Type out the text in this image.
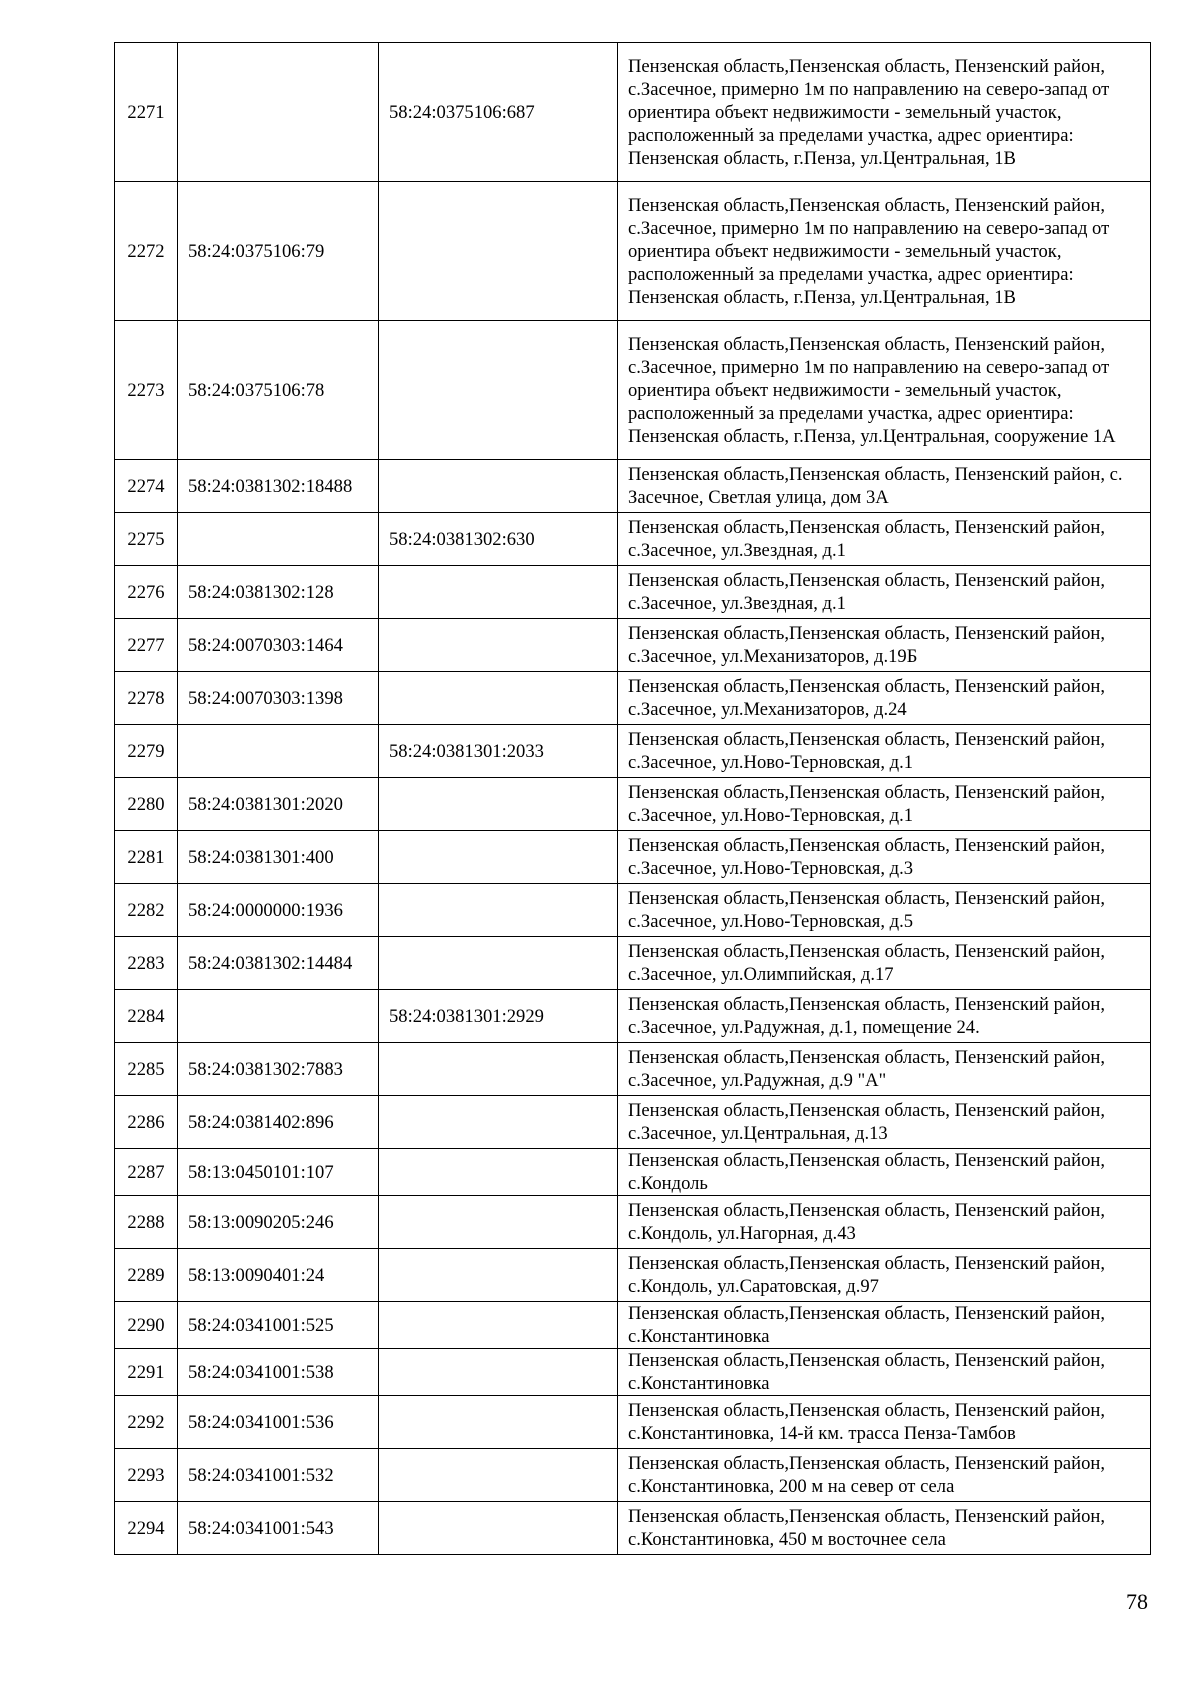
2271		58:24:0375106:687	Пензенская область,Пензенская область, Пензенский район, с.Засечное, примерно 1м по направлению на северо-запад от ориентира объект недвижимости - земельный участок, расположенный за пределами участка, адрес ориентира: Пензенская область, г.Пенза, ул.Центральная, 1В
2272	58:24:0375106:79		Пензенская область,Пензенская область, Пензенский район, с.Засечное, примерно 1м по направлению на северо-запад от ориентира объект недвижимости - земельный участок, расположенный за пределами участка, адрес ориентира: Пензенская область, г.Пенза, ул.Центральная, 1В
2273	58:24:0375106:78		Пензенская область,Пензенская область, Пензенский район, с.Засечное, примерно 1м по направлению на северо-запад от ориентира объект недвижимости - земельный участок, расположенный за пределами участка, адрес ориентира: Пензенская область, г.Пенза, ул.Центральная, сооружение 1А
2274	58:24:0381302:18488		Пензенская область,Пензенская область, Пензенский район, с. Засечное, Светлая улица, дом 3А
2275		58:24:0381302:630	Пензенская область,Пензенская область, Пензенский район, с.Засечное, ул.Звездная, д.1
2276	58:24:0381302:128		Пензенская область,Пензенская область, Пензенский район, с.Засечное, ул.Звездная, д.1
2277	58:24:0070303:1464		Пензенская область,Пензенская область, Пензенский район, с.Засечное, ул.Механизаторов, д.19Б
2278	58:24:0070303:1398		Пензенская область,Пензенская область, Пензенский район, с.Засечное, ул.Механизаторов, д.24
2279		58:24:0381301:2033	Пензенская область,Пензенская область, Пензенский район, с.Засечное, ул.Ново-Терновская, д.1
2280	58:24:0381301:2020		Пензенская область,Пензенская область, Пензенский район, с.Засечное, ул.Ново-Терновская, д.1
2281	58:24:0381301:400		Пензенская область,Пензенская область, Пензенский район, с.Засечное, ул.Ново-Терновская, д.3
2282	58:24:0000000:1936		Пензенская область,Пензенская область, Пензенский район, с.Засечное, ул.Ново-Терновская, д.5
2283	58:24:0381302:14484		Пензенская область,Пензенская область, Пензенский район, с.Засечное, ул.Олимпийская, д.17
2284		58:24:0381301:2929	Пензенская область,Пензенская область, Пензенский район, с.Засечное, ул.Радужная, д.1, помещение 24.
2285	58:24:0381302:7883		Пензенская область,Пензенская область, Пензенский район, с.Засечное, ул.Радужная, д.9 "А"
2286	58:24:0381402:896		Пензенская область,Пензенская область, Пензенский район, с.Засечное, ул.Центральная, д.13
2287	58:13:0450101:107		Пензенская область,Пензенская область, Пензенский район, с.Кондоль
2288	58:13:0090205:246		Пензенская область,Пензенская область, Пензенский район, с.Кондоль, ул.Нагорная, д.43
2289	58:13:0090401:24		Пензенская область,Пензенская область, Пензенский район, с.Кондоль, ул.Саратовская, д.97
2290	58:24:0341001:525		Пензенская область,Пензенская область, Пензенский район, с.Константиновка
2291	58:24:0341001:538		Пензенская область,Пензенская область, Пензенский район, с.Константиновка
2292	58:24:0341001:536		Пензенская область,Пензенская область, Пензенский район, с.Константиновка, 14-й км. трасса Пенза-Тамбов
2293	58:24:0341001:532		Пензенская область,Пензенская область, Пензенский район, с.Константиновка, 200 м на север от села
2294	58:24:0341001:543		Пензенская область,Пензенская область, Пензенский район, с.Константиновка, 450 м восточнее села
78
